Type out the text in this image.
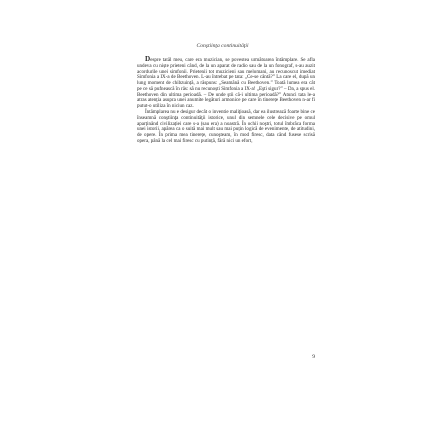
Conştiinţa continuităţii

Despre tatăl meu, care era muzician, se povestea următoarea întâmplare. Se afla undeva cu niște prieteni când, de la un aparat de radio sau de la un fonograf, s-au auzit acordurile unei simfonii. Prietenii tot muzicieni sau melomani, au recunoscut imediat Simfonia a IX-a de Beethoven. L-au întrebat pe tata: „Ce-se cântă?” La care el, după un lung moment de chibzuință, a răspuns: „Seamănă cu Beethoven.” Toată lumea era cât pe ce să pufnească în râs: să nu recunoști Simfonia a IX-a! „Eşti sigur?” – Da, a spus el. Beethoven din ultima perioadă. – De unde ştii că-i ultima perioadă?” Atunci tata le-a atras atenția asupra unei anumite legături armonice pe care în tinerețe Beethoven n-ar fi putut-o utiliza în niciun caz.

Întâmplarea nu e desigur decât o inventie maliţioasă, dar ea ilustrează foarte bine ce înseamnă conştiinţa continuităţii istorice, unul din semnele cele decisive pe omul aparținând civilizației care s-a (sau era) a noastră. În ochii noştri, totul îmbrăca forma unei istorii, apărea ca o suită mai mult sau mai puțin logică de evenimente, de atitudini, de opere. În prima mea tinerețe, cunoşteam, în mod firesc, data când fusese scrisă opera, până la cel mai firesc cu putință, fără nici un efort,

9
